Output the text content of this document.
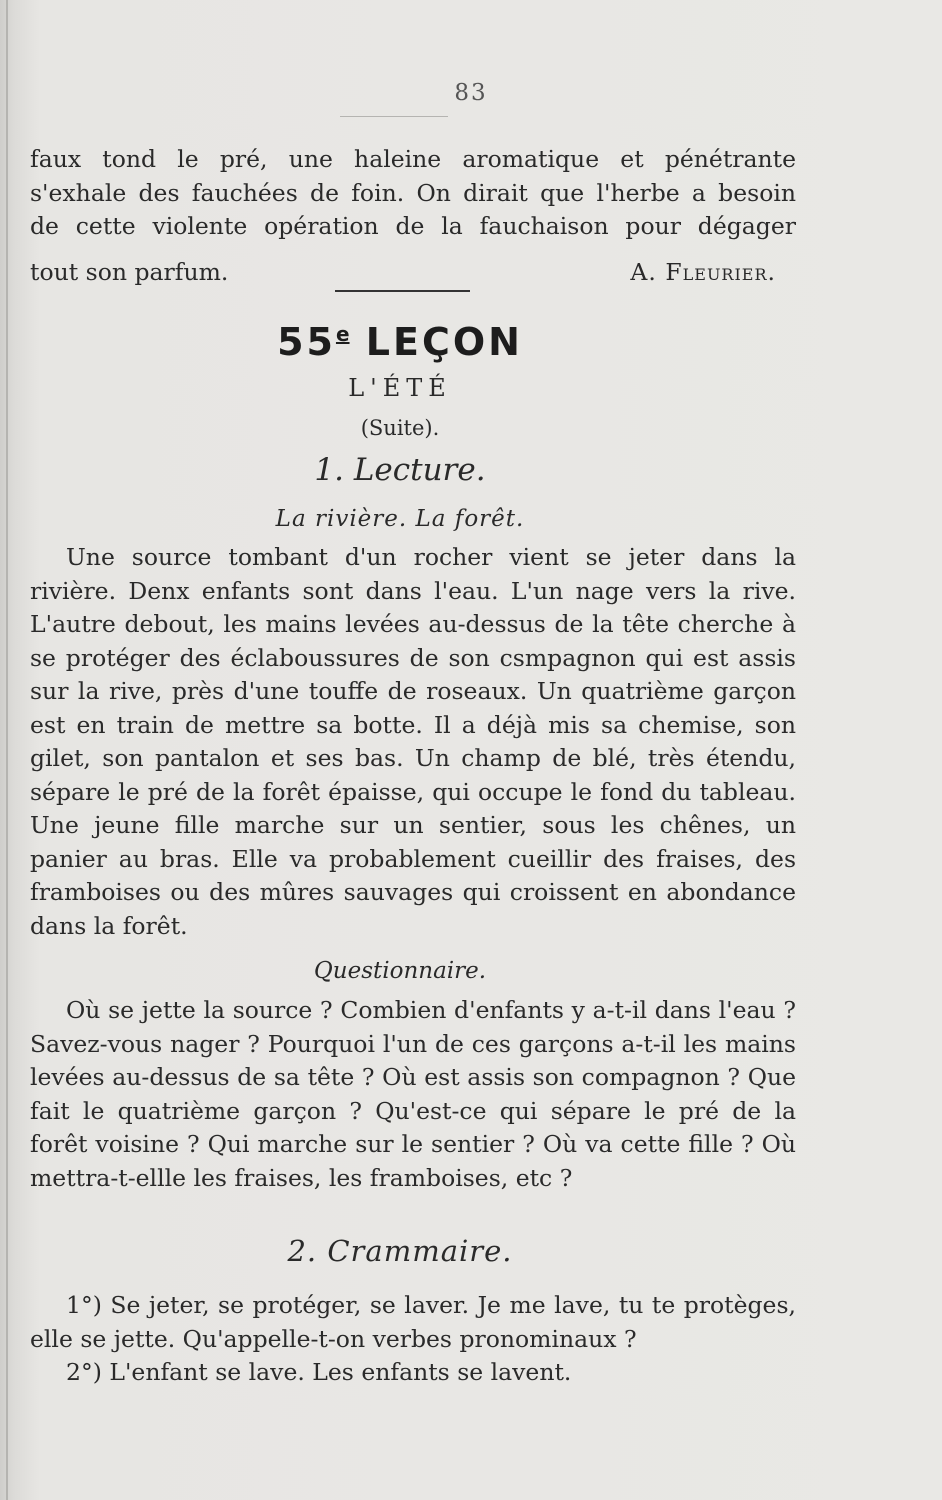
83
faux tond le pré, une haleine aromatique et pénétrante
s'exhale des fauchées de foin. On dirait que l'herbe a besoin
de cette violente opération de la fauchaison pour dégager
tout son parfum.	A. Fleurier.
55e LEÇON
L'ÉTÉ
(Suite).
1. Lecture.
La rivière. La forêt.

Une source tombant d'un rocher vient se jeter dans la rivière. Denx enfants sont dans l'eau. L'un nage vers la rive. L'autre debout, les mains levées au-dessus de la tête cherche à se protéger des éclaboussures de son csmpagnon qui est assis sur la rive, près d'une touffe de roseaux. Un quatrième garçon est en train de mettre sa botte. Il a déjà mis sa chemise, son gilet, son pantalon et ses bas. Un champ de blé, très étendu, sépare le pré de la forêt épaisse, qui occupe le fond du tableau. Une jeune fille marche sur un sentier, sous les chênes, un panier au bras. Elle va probablement cueillir des fraises, des framboises ou des mûres sauvages qui croissent en abondance dans la forêt.

Questionnaire.

Où se jette la source ? Combien d'enfants y a-t-il dans l'eau ? Savez-vous nager ? Pourquoi l'un de ces garçons a-t-il les mains levées au-dessus de sa tête ? Où est assis son compagnon ? Que fait le quatrième garçon ? Qu'est-ce qui sépare le pré de la forêt voisine ? Qui marche sur le sentier ? Où va cette fille ? Où mettra-t-ellle les fraises, les framboises, etc ?

2. Crammaire.

1°) Se jeter, se protéger, se laver. Je me lave, tu te protèges, elle se jette. Qu'appelle-t-on verbes pronominaux ?

2°) L'enfant se lave. Les enfants se lavent.
